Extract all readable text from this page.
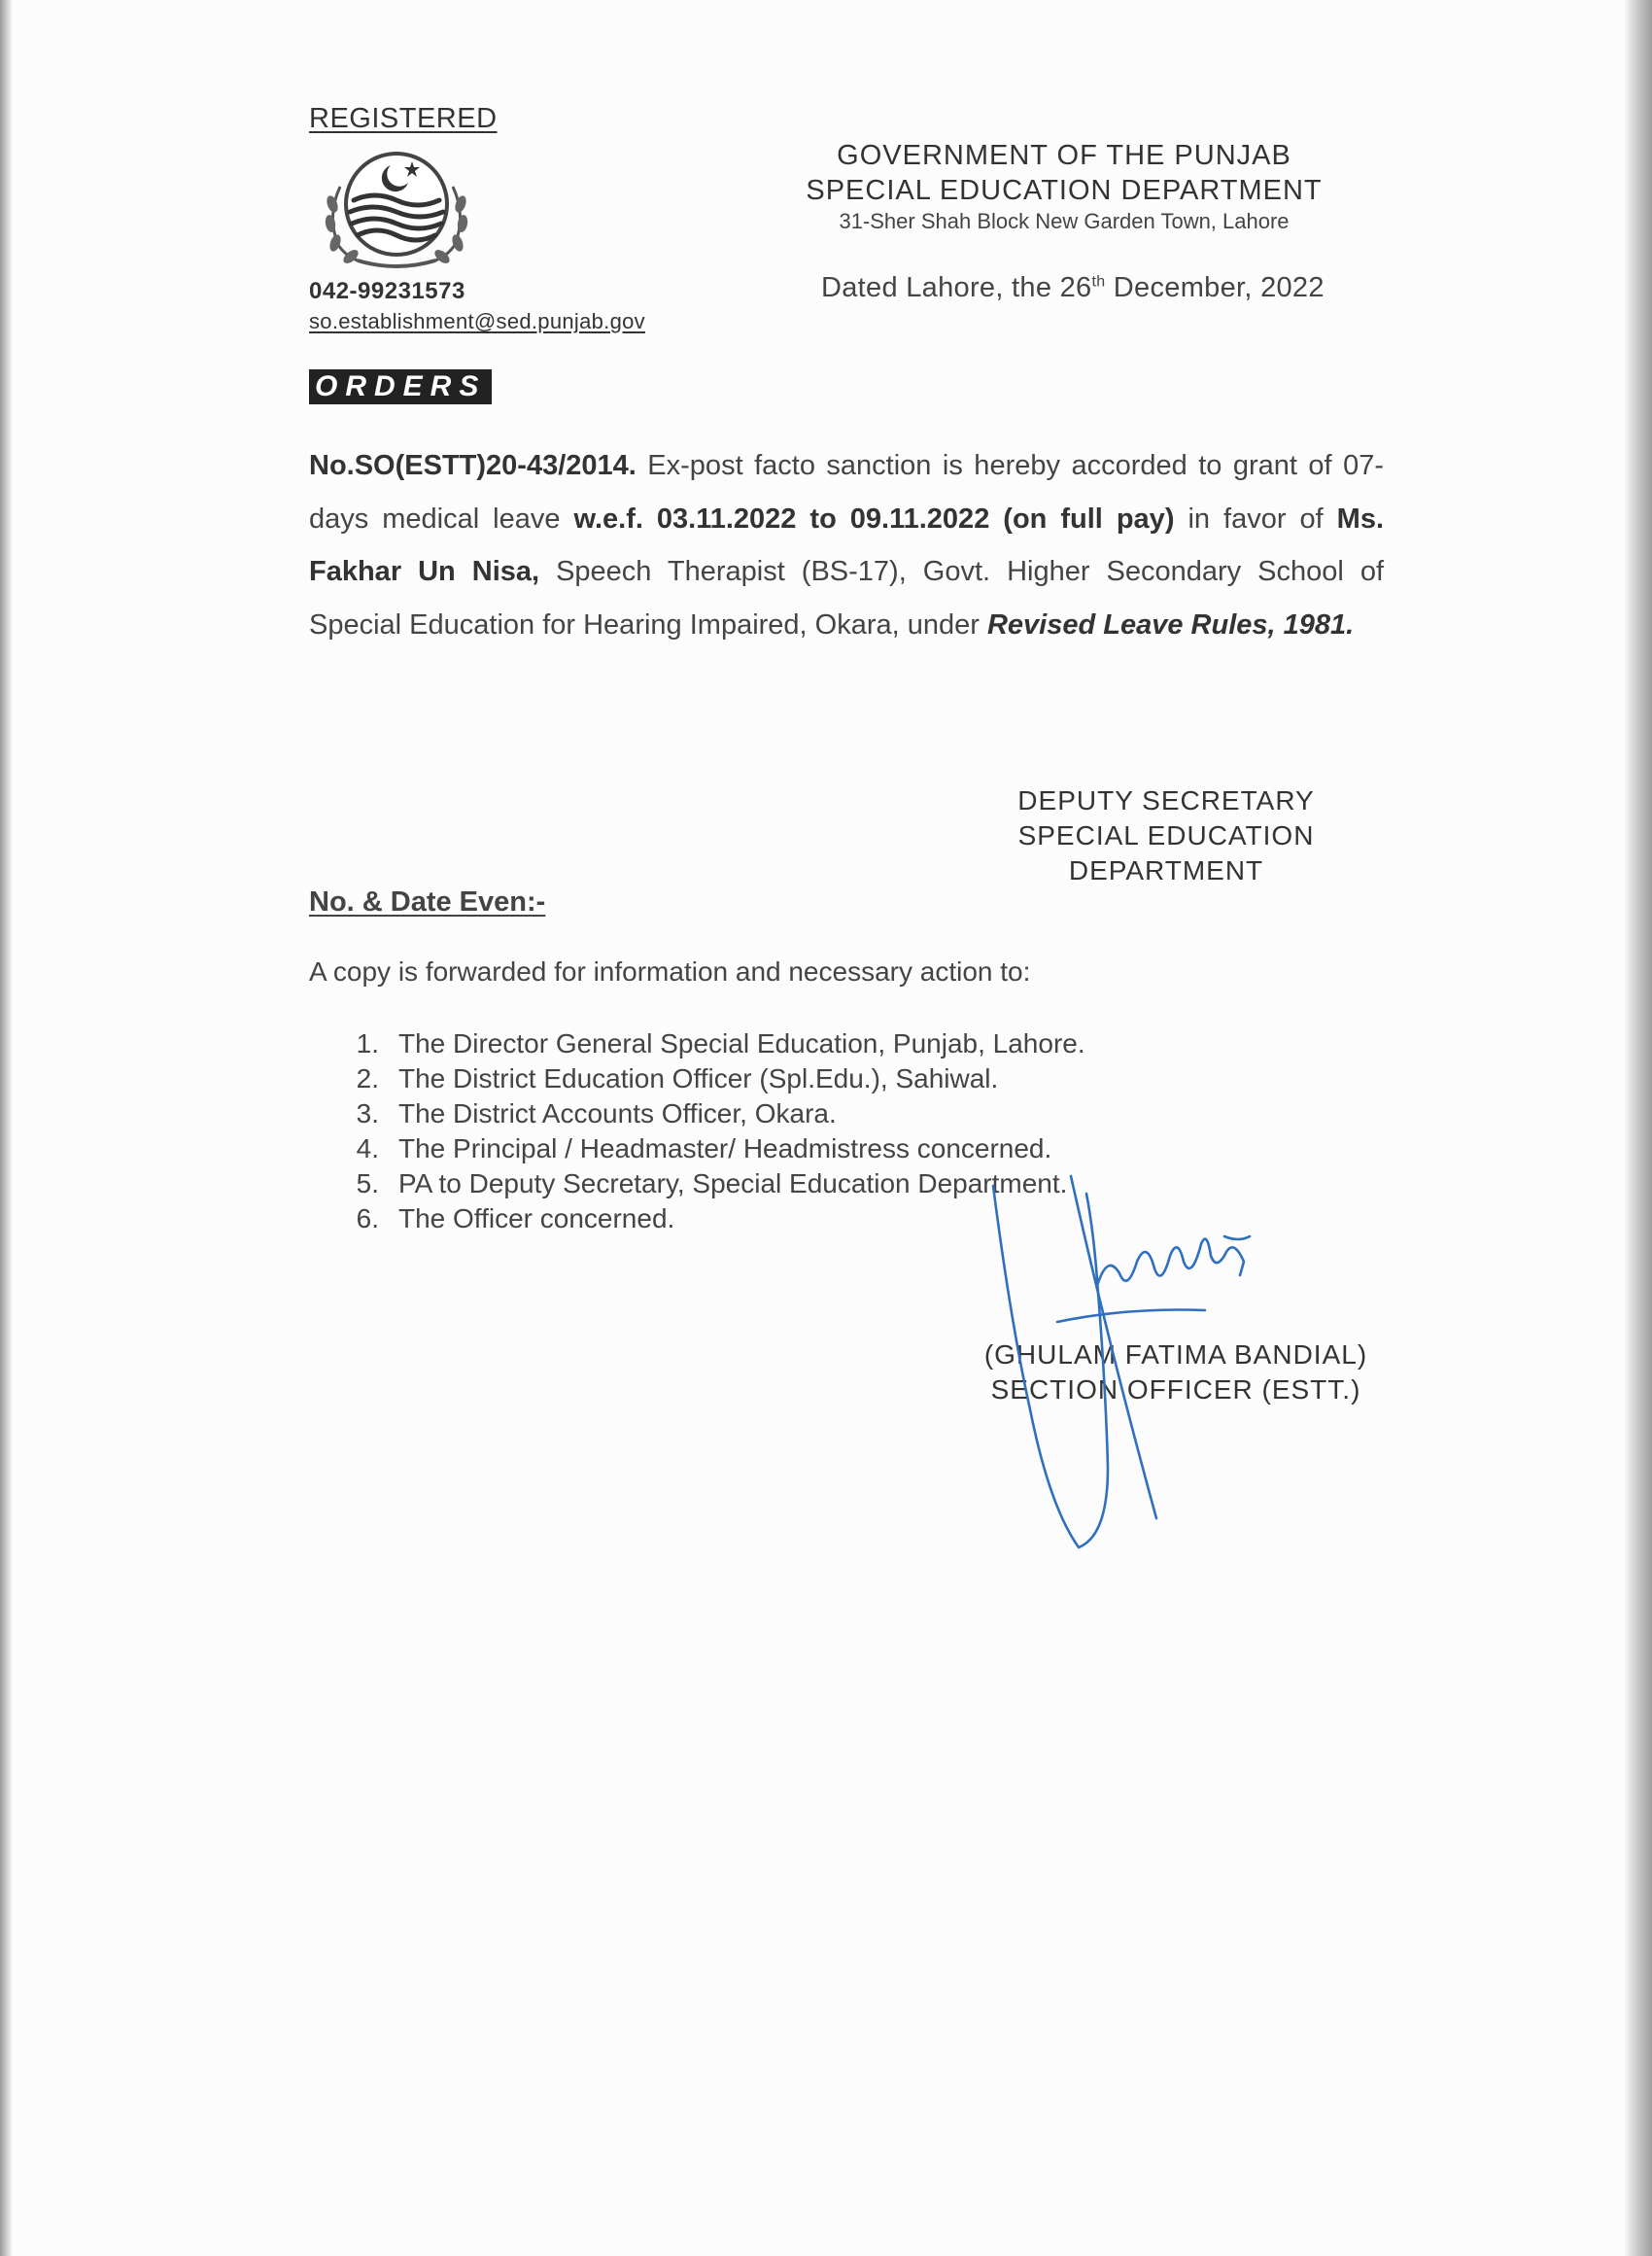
REGISTERED
042-99231573
so.establishment@sed.punjab.gov
GOVERNMENT OF THE PUNJAB
SPECIAL EDUCATION DEPARTMENT
31-Sher Shah Block New Garden Town, Lahore
Dated Lahore, the 26th December, 2022
ORDERS
No.SO(ESTT)20-43/2014. Ex-post facto sanction is hereby accorded to grant of 07-days medical leave w.e.f. 03.11.2022 to 09.11.2022 (on full pay) in favor of Ms. Fakhar Un Nisa, Speech Therapist (BS-17), Govt. Higher Secondary School of Special Education for Hearing Impaired, Okara, under Revised Leave Rules, 1981.
DEPUTY SECRETARY
SPECIAL EDUCATION
DEPARTMENT
No. & Date Even:-
A copy is forwarded for information and necessary action to:
1. The Director General Special Education, Punjab, Lahore.
2. The District Education Officer (Spl.Edu.), Sahiwal.
3. The District Accounts Officer, Okara.
4. The Principal / Headmaster/ Headmistress concerned.
5. PA to Deputy Secretary, Special Education Department.
6. The Officer concerned.
(GHULAM FATIMA BANDIAL)
SECTION OFFICER (ESTT.)
